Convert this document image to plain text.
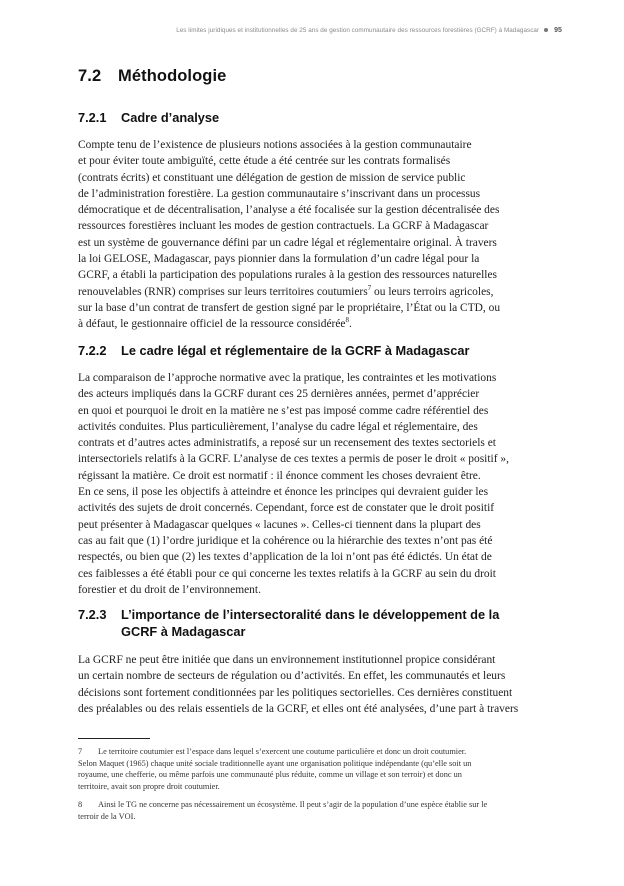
Les limites juridiques et institutionnelles de 25 ans de gestion communautaire des ressources forestières (GCRF) à Madagascar 95
7.2 Méthodologie
7.2.1 Cadre d’analyse
Compte tenu de l’existence de plusieurs notions associées à la gestion communautaire
et pour éviter toute ambiguïté, cette étude a été centrée sur les contrats formalisés
(contrats écrits) et constituant une délégation de gestion de mission de service public
de l’administration forestière. La gestion communautaire s’inscrivant dans un processus
démocratique et de décentralisation, l’analyse a été focalisée sur la gestion décentralisée des
ressources forestières incluant les modes de gestion contractuels. La GCRF à Madagascar
est un système de gouvernance défini par un cadre légal et réglementaire original. À travers
la loi GELOSE, Madagascar, pays pionnier dans la formulation d’un cadre légal pour la
GCRF, a établi la participation des populations rurales à la gestion des ressources naturelles
renouvelables (RNR) comprises sur leurs territoires coutumiers$^7$ ou leurs terroirs agricoles,
sur la base d’un contrat de transfert de gestion signé par le propriétaire, l’État ou la CTD, ou
à défaut, le gestionnaire officiel de la ressource considérée$^8$.
7.2.2 Le cadre légal et réglementaire de la GCRF à Madagascar
La comparaison de l’approche normative avec la pratique, les contraintes et les motivations
des acteurs impliqués dans la GCRF durant ces 25 dernières années, permet d’apprécier
en quoi et pourquoi le droit en la matière ne s’est pas imposé comme cadre référentiel des
activités conduites. Plus particulièrement, l’analyse du cadre légal et réglementaire, des
contrats et d’autres actes administratifs, a reposé sur un recensement des textes sectoriels et
intersectoriels relatifs à la GCRF. L’analyse de ces textes a permis de poser le droit « positif »,
régissant la matière. Ce droit est normatif : il énonce comment les choses devraient être.
En ce sens, il pose les objectifs à atteindre et énonce les principes qui devraient guider les
activités des sujets de droit concernés. Cependant, force est de constater que le droit positif
peut présenter à Madagascar quelques « lacunes ». Celles-ci tiennent dans la plupart des
cas au fait que (1) l’ordre juridique et la cohérence ou la hiérarchie des textes n’ont pas été
respectés, ou bien que (2) les textes d’application de la loi n’ont pas été édictés. Un état de
ces faiblesses a été établi pour ce qui concerne les textes relatifs à la GCRF au sein du droit
forestier et du droit de l’environnement.
7.2.3 L’importance de l’intersectoralité dans le développement de la
GCRF à Madagascar
La GCRF ne peut être initiée que dans un environnement institutionnel propice considérant
un certain nombre de secteurs de régulation ou d’activités. En effet, les communautés et leurs
décisions sont fortement conditionnées par les politiques sectorielles. Ces dernières constituent
des préalables ou des relais essentiels de la GCRF, et elles ont été analysées, d’une part à travers

7 Le territoire coutumier est l’espace dans lequel s’exercent une coutume particulière et donc un droit coutumier.
Selon Maquet (1965) chaque unité sociale traditionnelle ayant une organisation politique indépendante (qu’elle soit un
royaume, une chefferie, ou même parfois une communauté plus réduite, comme un village et son terroir) et donc un
territoire, avait son propre droit coutumier.

8 Ainsi le TG ne concerne pas nécessairement un écosystème. Il peut s’agir de la population d’une espèce établie sur le
terroir de la VOI.
